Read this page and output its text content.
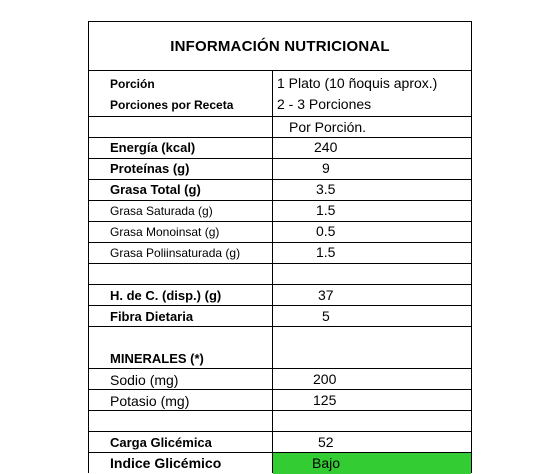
INFORMACIÓN NUTRICIONAL
Porción	1 Plato (10 ñoquis aprox.)
Porciones por Receta	2 - 3 Porciones
Por Porción.
Energía (kcal)	240
Proteínas (g)	9
Grasa Total (g)	3.5
Grasa Saturada (g)	1.5
Grasa Monoinsat (g)	0.5
Grasa Poliinsaturada (g)	1.5
H. de C. (disp.) (g)	37
Fibra Dietaria	5
MINERALES (*)
Sodio (mg)	200
Potasio (mg)	125
Carga Glicémica	52
Indice Glicémico	Bajo
